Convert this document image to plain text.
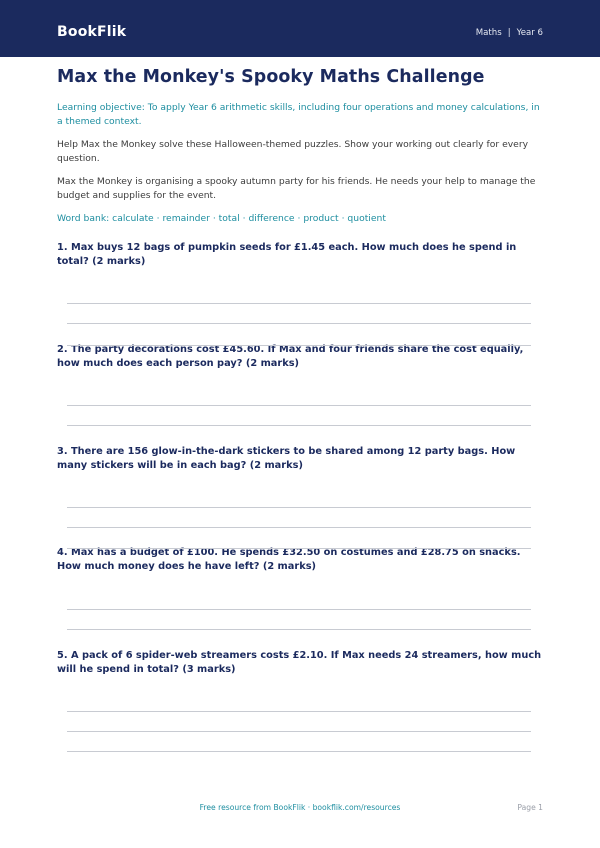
BookFlik	Maths | Year 6
Max the Monkey's Spooky Maths Challenge

Learning objective: To apply Year 6 arithmetic skills, including four operations and money calculations, in a themed context.

Help Max the Monkey solve these Halloween-themed puzzles. Show your working out clearly for every question.

Max the Monkey is organising a spooky autumn party for his friends. He needs your help to manage the budget and supplies for the event.

Word bank: calculate · remainder · total · difference · product · quotient

1. Max buys 12 bags of pumpkin seeds for £1.45 each. How much does he spend in total? (2 marks)

2. The party decorations cost £45.60. If Max and four friends share the cost equally, how much does each person pay? (2 marks)

3. There are 156 glow-in-the-dark stickers to be shared among 12 party bags. How many stickers will be in each bag? (2 marks)

4. Max has a budget of £100. He spends £32.50 on costumes and £28.75 on snacks. How much money does he have left? (2 marks)

5. A pack of 6 spider-web streamers costs £2.10. If Max needs 24 streamers, how much will he spend in total? (3 marks)

Free resource from BookFlik · bookflik.com/resources	Page 1
